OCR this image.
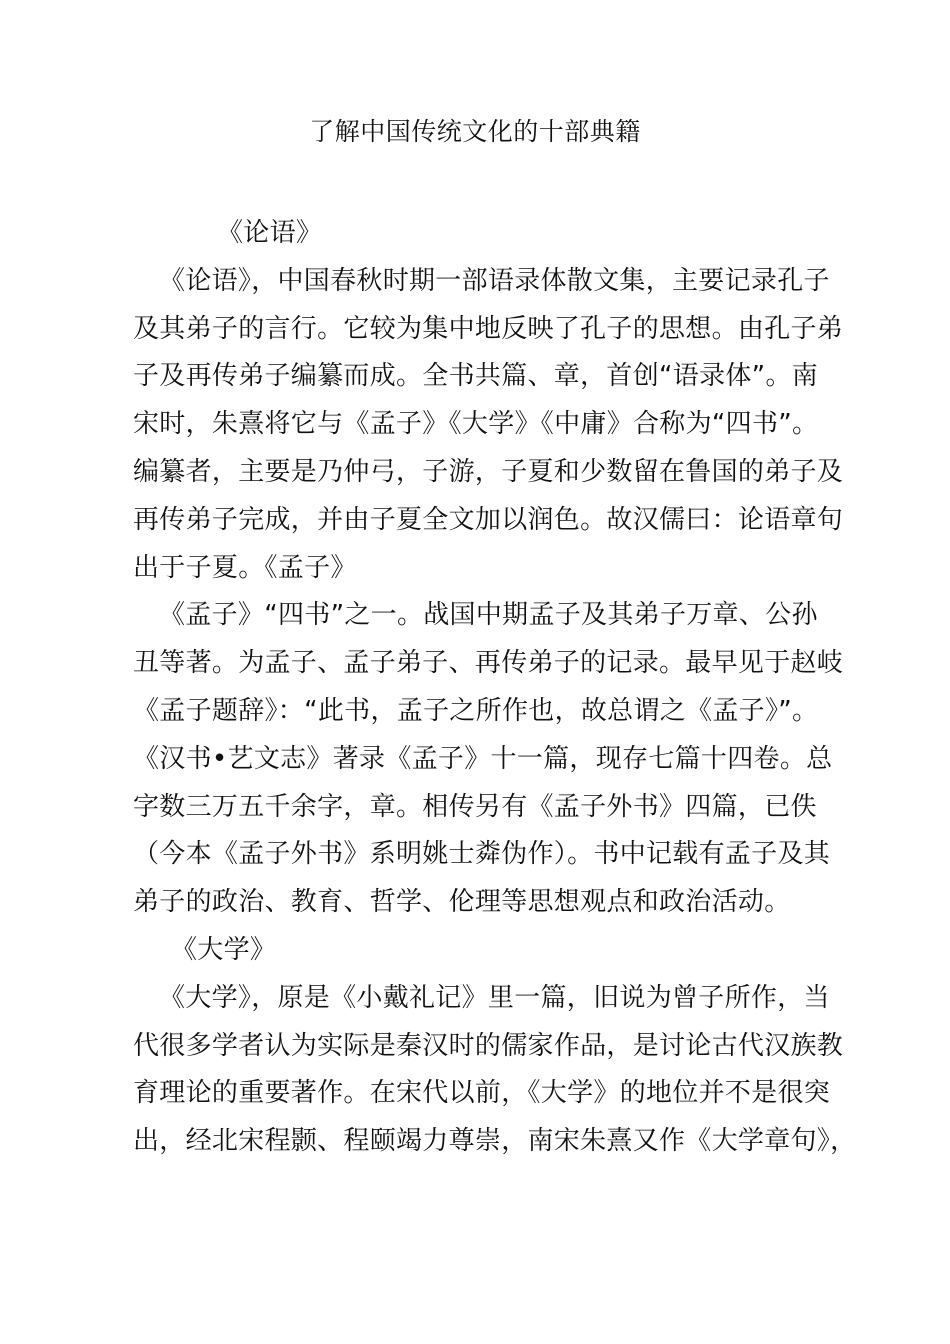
了解中国传统文化的十部典籍
《论语》
《论语》，中国春秋时期一部语录体散文集，主要记录孔子
及其弟子的言行。它较为集中地反映了孔子的思想。由孔子弟
子及再传弟子编纂而成。全书共篇、章，首创“语录体”。南
宋时，朱熹将它与《孟子》《大学》《中庸》合称为“四书”。
编纂者，主要是乃仲弓，子游，子夏和少数留在鲁国的弟子及
再传弟子完成，并由子夏全文加以润色。故汉儒曰：论语章句
出于子夏。《孟子》
《孟子》“四书”之一。战国中期孟子及其弟子万章、公孙
丑等著。为孟子、孟子弟子、再传弟子的记录。最早见于赵岐
《孟子题辞》：“此书，孟子之所作也，故总谓之《孟子》”。
《汉书•艺文志》著录《孟子》十一篇，现存七篇十四卷。总
字数三万五千余字，章。相传另有《孟子外书》四篇，已佚
（今本《孟子外书》系明姚士粦伪作）。书中记载有孟子及其
弟子的政治、教育、哲学、伦理等思想观点和政治活动。
《大学》
《大学》，原是《小戴礼记》里一篇，旧说为曾子所作，当
代很多学者认为实际是秦汉时的儒家作品，是讨论古代汉族教
育理论的重要著作。在宋代以前，《大学》的地位并不是很突
出，经北宋程颢、程颐竭力尊崇，南宋朱熹又作《大学章句》，
